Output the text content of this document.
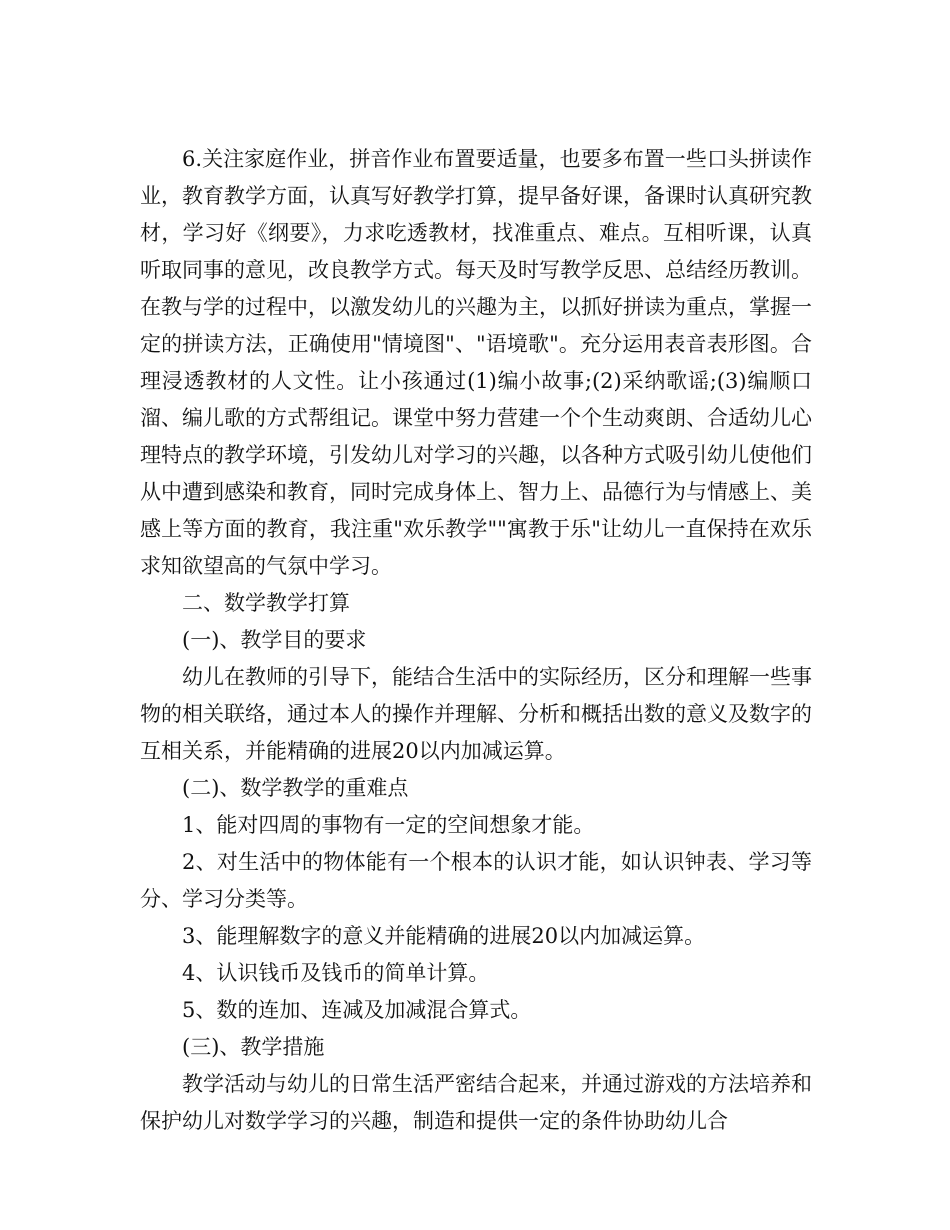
6.关注家庭作业，拼音作业布置要适量，也要多布置一些口头拼读作业，教育教学方面，认真写好教学打算，提早备好课，备课时认真研究教材，学习好《纲要》，力求吃透教材，找准重点、难点。互相听课，认真听取同事的意见，改良教学方式。每天及时写教学反思、总结经历教训。在教与学的过程中，以激发幼儿的兴趣为主，以抓好拼读为重点，掌握一定的拼读方法，正确使用"情境图"、"语境歌"。充分运用表音表形图。合理浸透教材的人文性。让小孩通过(1)编小故事;(2)采纳歌谣;(3)编顺口溜、编儿歌的方式帮组记。课堂中努力营建一个个生动爽朗、合适幼儿心理特点的教学环境，引发幼儿对学习的兴趣，以各种方式吸引幼儿使他们从中遭到感染和教育，同时完成身体上、智力上、品德行为与情感上、美感上等方面的教育，我注重"欢乐教学""寓教于乐"让幼儿一直保持在欢乐求知欲望高的气氛中学习。

二、数学教学打算

(一)、教学目的要求

幼儿在教师的引导下，能结合生活中的实际经历，区分和理解一些事物的相关联络，通过本人的操作并理解、分析和概括出数的意义及数字的互相关系，并能精确的进展20以内加减运算。

(二)、数学教学的重难点

1、能对四周的事物有一定的空间想象才能。

2、对生活中的物体能有一个根本的认识才能，如认识钟表、学习等分、学习分类等。

3、能理解数字的意义并能精确的进展20以内加减运算。

4、认识钱币及钱币的简单计算。

5、数的连加、连减及加减混合算式。

(三)、教学措施

教学活动与幼儿的日常生活严密结合起来，并通过游戏的方法培养和保护幼儿对数学学习的兴趣，制造和提供一定的条件协助幼儿合
